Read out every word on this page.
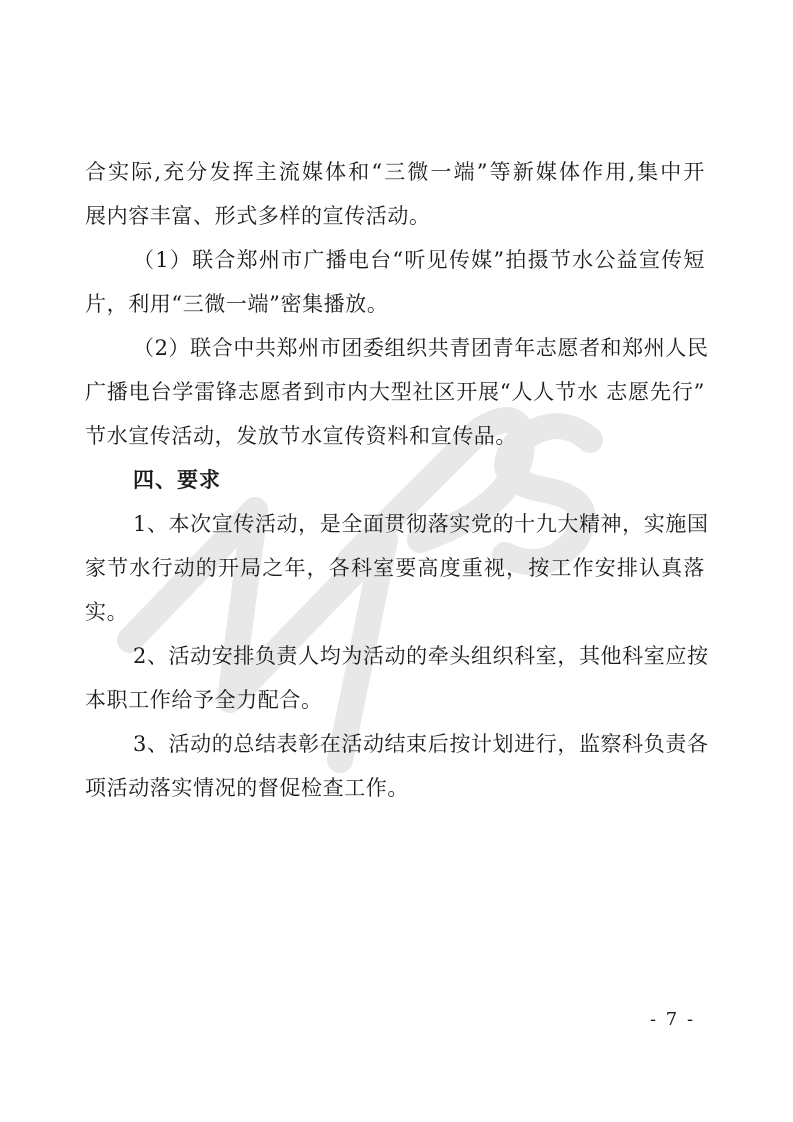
合实际,充分发挥主流媒体和“三微一端”等新媒体作用,集中开
展内容丰富、形式多样的宣传活动。
（1）联合郑州市广播电台“听见传媒”拍摄节水公益宣传短
片，利用“三微一端”密集播放。
（2）联合中共郑州市团委组织共青团青年志愿者和郑州人民
广播电台学雷锋志愿者到市内大型社区开展“人人节水 志愿先行”
节水宣传活动，发放节水宣传资料和宣传品。
四、要求
1、本次宣传活动，是全面贯彻落实党的十九大精神，实施国
家节水行动的开局之年，各科室要高度重视，按工作安排认真落
实。
2、活动安排负责人均为活动的牵头组织科室，其他科室应按
本职工作给予全力配合。
3、活动的总结表彰在活动结束后按计划进行，监察科负责各
项活动落实情况的督促检查工作。
- 7 -
